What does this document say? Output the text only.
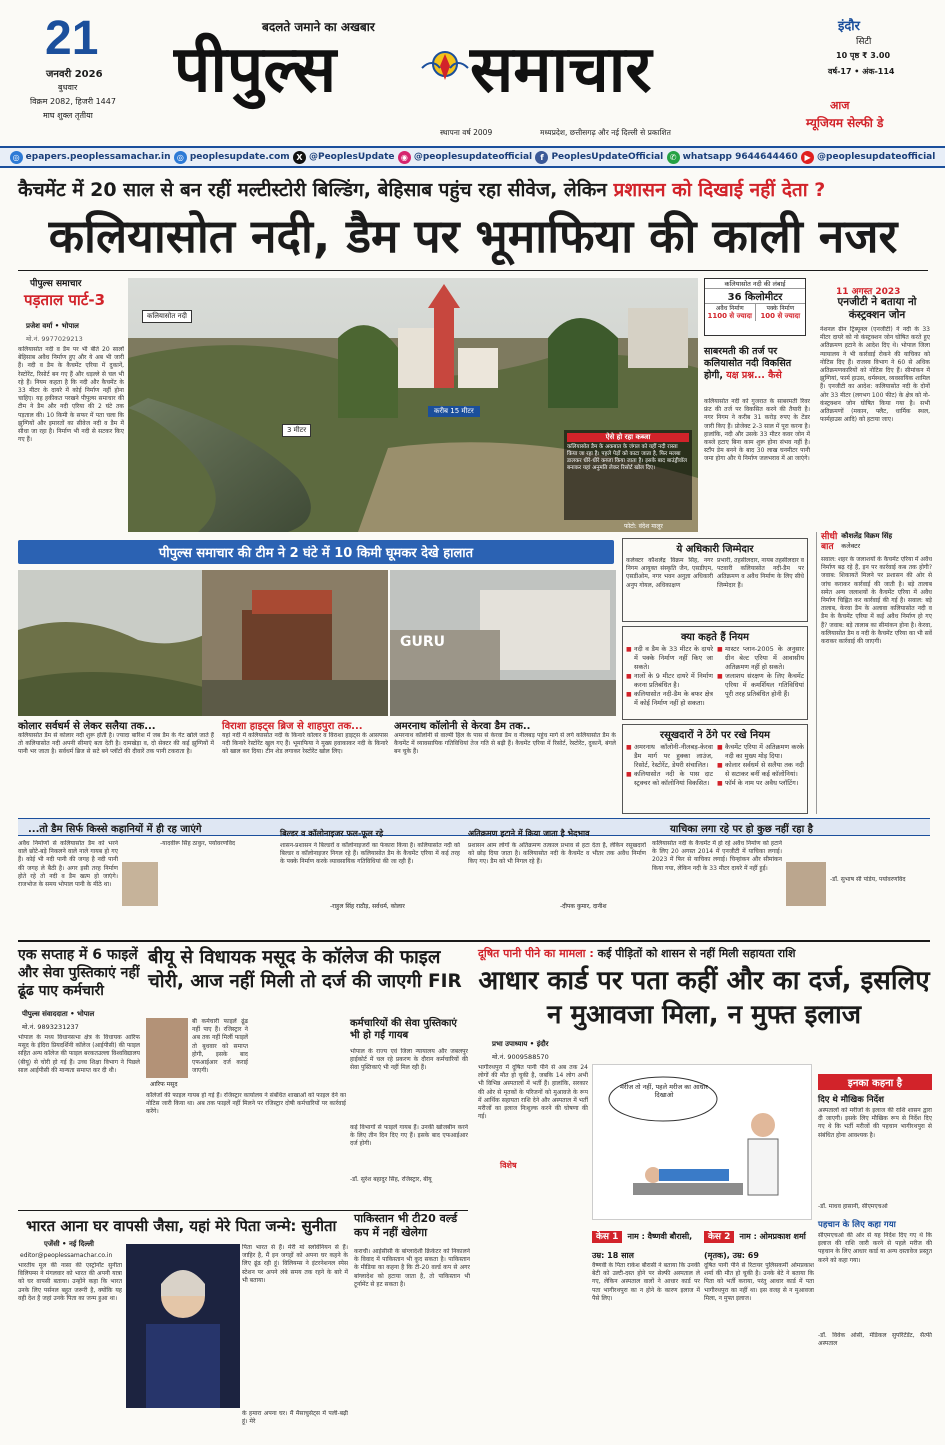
21
जनवरी 2026
बुधवार
विक्रम 2082, हिजरी 1447
माघ शुक्ल तृतीया
बदलते जमाने का अखबार
पीपुल्स समाचार
स्थापना वर्ष 2009	मध्यप्रदेश, छत्तीसगढ़ और नई दिल्ली से प्रकाशित
इंदौर
सिटी
10 पृष्ठ ₹ 3.00
वर्ष-17 • अंक-114
आज
म्यूजियम सेल्फी डे
◎ epapers.peoplessamachar.in ◎ peoplesupdate.com X @PeoplesUpdate ◉ @peoplesupdateofficial	f PeoplesUpdateOfficial ✆ whatsapp 9644644460 ▶ @peoplesupdateofficial
कैचमेंट में 20 साल से बन रहीं मल्टीस्टोरी बिल्डिंग, बेहिसाब पहुंच रहा सीवेज, लेकिन प्रशासन को दिखाई नहीं देता ?
कलियासोत नदी, डैम पर भूमाफिया की काली नजर
पीपुल्स समाचार
पड़ताल पार्ट-3
प्रजेश वर्मा • भोपाल
मो.नं. 9977029213
कलियासोत नदी व डैम पर भी बीते 20 सालों बेहिसाब अवैध निर्माण हुए और ये अब भी जारी हैं। नदी व डैम के कैचमेंट एरिया में दुकानें, रेस्टोरेंट, रिसोर्ट बन गए हैं और धड़ल्ले से चल भी रहे हैं। नियम कहता है कि नदी और कैचमेंट के 33 मीटर के दायरे में कोई निर्माण नहीं होना चाहिए। यह हकीकत परखने पीपुल्स समाचार की टीम ने डैम और नदी एरिया की 2 घंटे तक पड़ताल की। 10 किमी के सफर में पता चला कि झुग्गियों और इमारतों का सीवेज नदी व डैम में सीधा जा रहा है। निर्माण भी नदी से सटकर किए गए हैं।
कलियासोत नदी
करीब 15 मीटर
3 मीटर
ऐसे हो रहा कब्जा
कलियासोत डैम के अकबात के जंगल को यहीं नदी रास्ता किया जा रहा है। पहले पेड़ों को काटा जाता है, फिर मलबा डालकर धीरे-धीरे कब्जा किया जाता है। इसके बाद बाउंड्रीवॉल बनाकर यहां अनुमति लेकर रिसोर्ट खोल दिए।
फोटो: वंदेश मालूर
कलियासोत नदी की लंबाई
36 किलोमीटर
अवैध निर्माण
1100 से ज्यादा
पक्के निर्माण
100 से ज्यादा
साबरमती की तर्ज पर कलियासोत नदी विकसित होगी, यक्ष प्रश्न... कैसे
कलियासोत नदी को गुजरात के साबरमती रिवर फ्रंट की तर्ज पर विकसित करने की तैयारी है। नगर निगम ने करीब 31 करोड़ रुपए के टेंडर जारी किए हैं। प्रोजेक्ट 2-3 साल में पूरा करना है। हालांकि, नदी और उसके 33 मीटर कवर जोन में कब्जे हटाए बिना काम शुरू होना संभव नहीं है। स्टॉप डेम बनने के बाद 30 लाख घनमीटर पानी जमा होगा और ये निर्माण जलभराव में आ जाएंगे।
11 अगस्त 2023
एनजीटी ने बताया नो कंस्ट्रक्शन जोन
नेशनल ग्रीन ट्रिब्यूनल (एनजीटी) ने नदी के 33 मीटर दायरे को नो कंस्ट्रक्शन जोन घोषित करते हुए अतिक्रमण हटाने के आदेश दिए थे। भोपाल जिला न्यायालय ने भी कार्रवाई रोकने की याचिका को नोटिस दिए हैं। राजस्व विभाग ने 60 से अधिक अतिक्रमणकारियों को नोटिस दिए हैं। सीमांकन में झुग्गियां, फार्म हाउस, धर्मस्थल, व्यवसायिक शामिल हैं। एनजीटी का आदेश: कलियासोत नदी के दोनों ओर 33 मीटर (लगभग 100 फीट) के क्षेत्र को नो-कंस्ट्रक्शन जोन घोषित किया गया है। सभी अतिक्रमणों (मकान, फ्लैट, धार्मिक स्थल, फार्महाउस आदि) को हटाया जाए।
पीपुल्स समाचार की टीम ने 2 घंटे में 10 किमी घूमकर देखे हालात
GURU
कोलार सर्वधर्म से लेकर सलैया तक...
कलियासोत डैम से कोलार नदी शुरू होती है। ज्यादा बारिश में जब डैम के गेट खोले जाते हैं तो कलियासोत नदी अपनी सीमाएं बता देती है। दामखेड़ा व, दो सेक्टर की कई झुग्गियों में पानी भर जाता है। सर्वधर्म ब्रिज से सटे बने प्लॉटों की दीवारें तक पानी टकराता है।
विराशा हाइट्स ब्रिज से शाहपुरा तक...
यहां नदी में कलियासोत नदी के किनारे कोलार व विराशा हाइट्स के आसपास नदी किनारे रेस्टोरेंट खुल गए हैं। भूमाफिया ने मुख्य हवाकाकर नदी के किनारे को खाल कर दिया। टीन शेड लगाकर रेस्टोरेंट खोल लिए।
अमरनाथ कॉलोनी से केरवा डैम तक..
अमरनाथ कॉलोनी से वाल्मी हिल के पास से केरवा डैम व नीलबड़ पहुंच मार्ग से लगे कलियासोत डैम के कैचमेंट में व्यावसायिक गतिविधियां तेज गति से बढ़ी हैं। कैचमेंट एरिया में रिसोर्ट, रेस्टोरेंट, दुकानें, बंगले बन चुके हैं।
ये अधिकारी जिम्मेदार
कलेक्टर कौशलेंद्र विक्रम सिंह, नगर निगम आयुक्त संस्कृति जैन, एसडीएम, एसडीओम, नगर भवन अनुज्ञा अधिकारी अनुप गोयल, अधिकाक्षण
प्रभारी, तहसीलदार, नायब तहसीलदार व पटवारी कलियासोत नदी-डैम पर अतिक्रमण व अवैध निर्माण के लिए सीधे जिम्मेदार हैं।
क्या कहते हैं नियम
■ नदी व डैम के 33 मीटर के दायरे में पक्के निर्माण नहीं किए जा सकते।
■ नालों के 9 मीटर दायरे में निर्माण करना प्रतिबंधित है।
■ कलियासोत नदी-डैम के बफर क्षेत्र में कोई निर्माण नहीं हो सकता।
■ मास्टर प्लान-2005 के अनुसार ग्रीन बेल्ट एरिया में आवासीय अतिक्रमण नहीं हो सकते।
■ जलाशय संरक्षण के लिए कैचमेंट एरिया में कमर्शियल गतिविधियां पूरी तरह प्रतिबंधित होनी हैं।
रसूखदारों ने ठेंगे पर रखे नियम
■ अमरनाथ कॉलोनी-नीलबड़-केरवा डैम मार्ग पर हुक्का लाउंज, रिसोर्ट, रेस्टोरेंट, डेयरी संचालित।
■ कलियासोत नदी के पास दाट स्ट्रक्चर को कॉलोनियां विकसित।
■ कैचमेंट एरिया में अतिक्रमण करके नदी का मुख्य मोड़ दिया।
■ कोलार सर्वधर्म से सलैया तक नदी से सटाकर बनीं कई कॉलोनियां।
■ फॉर्म के नाम पर अवैध प्लॉटिंग।
सीधी
बात
कौशलेंद्र विक्रम सिंह
कलेक्टर
सवाल: शहर के जलाशयों के कैचमेंट एरिया में अवैध निर्माण बढ़ रहे हैं, इन पर कार्रवाई कब तक होगी? जवाब: शिकायतें मिलने पर प्रशासन की ओर से जांच कराकर कार्रवाई की जाती है। बड़े तालाब समेत अन्य जलाशयों के कैचमेंट एरिया में अवैध निर्माण चिह्नित कर कार्रवाई की गई है। सवाल: बड़े तालाब, केरवा डैम के अलावा कलियासोत नदी व डैम के कैचमेंट एरिया में कई अवैध निर्माण हो गए हैं? जवाब: बड़े तालाब का सीमांकन होना है। केरवा, कलियासोत डैम व नदी के कैचमेंट एरिया का भी सर्वे कराकर कार्रवाई की जाएगी।
...तो डैम सिर्फ किस्से कहानियों में ही रह जाएंगे	याचिका लगा रहे पर हो कुछ नहीं रहा है
अवैध निर्माणों से कलियासोत डैम को भरने वाले छोटे-बड़े निकलने वाले नाले गायब हो गए हैं। कोई भी नदी पानी की जगह है नदी पानी की जगह ले बैठी है। अगर इसी तरह निर्माण होते रहे तो नदी व डैम खत्म हो जाएंगे। राजभोज के समय भोपाल पानी के मीठे था।
-यादवीरू सिंह ठाकुर, पर्यावरणविद
बिल्डर व कॉलोनाइजर फल-फूल रहे
शासन-प्रशासन ने बिल्डरों व कॉलोनाइजरों का फेकारा किया है। कलियासोत नदी को बिल्डर व कॉलोनाइजर निगल रहे हैं। कलियासोत डैम के कैचमेंट एरिया में कई तरह के पक्के निर्माण करके व्यावसायिक गतिविधियां की जा रही हैं।
-राहुल सिंह राठौड़, सर्वधर्म, कोलार
अतिक्रमण हटाने में किया जाता है भेदभाव
प्रशासन आम लोगों के अतिक्रमण तत्काल प्रभाव से हटा देता है, लेकिन रसूखदारों को छोड़ दिया जाता है। कलियासोत नदी के कैचमेंट व भीतर तक अवैध निर्माण किए गए। डैम को भी निगल रहे हैं।
-दीपक कुमार, दानीश
कलियासोत नदी के कैचमेंट में हो रहे अवैध निर्माण को हटाने के लिए 20 अगस्त 2014 में एनजीटी में याचिका लगाई। 2023 में फिर से याचिका लगाई। चिन्हांकन और सीमांकन किया गया, लेकिन नदी के 33 मीटर दायरे में नहीं हुई।
-डॉ. सुभाष सी पांडेय, पर्यावरणविद
एक सप्ताह में 6 फाइलें और सेवा पुस्तिकाएं नहीं ढूंढ पाए कर्मचारी
बीयू से विधायक मसूद के कॉलेज की फाइल चोरी, आज नहीं मिली तो दर्ज की जाएगी FIR
पीपुल्स संवाददाता • भोपाल
मो.नं. 9893231237
भोपाल के मध्य विधानसभा क्षेत्र के विधायक आरिफ मसूद के इंदिरा प्रियदर्शिनी कॉलेज (आईपीसी) की फाइल सहित अन्य कॉलेज की फाइल बरकतउल्ला विश्वविद्यालय (बीयू) से चोरी हो गई हैं। उच्च शिक्षा विभाग ने पिछले साल आईपीसी की मान्यता समाप्त कर दी थी।
आरिफ मसूद
बी कर्मचारी फाइलें ढूंढ नहीं पाए हैं। रजिस्ट्रार ने अब तक नहीं मिलीं फाइलें तो बुधवार को समाप्त होगी, इसके बाद एफआईआर दर्ज कराई जाएगी।
कॉलेजों की फाइल गायब हो गई हैं। रजिस्ट्रार कार्यालय ने संबंधित शाखाओं को फाइल देने का नोटिस जारी किया था। अब तक फाइलें नहीं मिलने पर रजिस्ट्रार दोषी कर्मचारियों पर कार्रवाई करेंगे।
कर्मचारियों की सेवा पुस्तिकाएं भी हो गईं गायब
भोपाल के राज्य एवं जिला न्यायालय और जबलपुर हाईकोर्ट में चल रहे प्रकरण के दौरान कर्मचारियों की सेवा पुस्तिकाएं भी नहीं मिल रही हैं।
कई विभागों से फाइलें गायब हैं। उनकी खोजबीन करने के लिए तीन दिन दिए गए हैं। इसके बाद एफआईआर दर्ज होगी।
-डॉ. सुरेश बहादुर सिंह, रजिस्ट्रार, बीयू
भारत आना घर वापसी जैसा, यहां मेरे पिता जन्मे: सुनीता
एजेंसी • नई दिल्ली
editor@peoplessamachar.co.in
भारतीय मूल की नासा की एस्ट्रोनॉट सुनीता विलियम्स ने मंगलवार को भारत की अपनी यात्रा को घर वापसी बताया। उन्होंने कहा कि भारत उनके लिए पर्सनल बहुत जरूरी है, क्योंकि यह वही देश है जहां उनके पिता का जन्म हुआ था।
के हमारा अपना घर। मैं मैसाचुसेट्स में पली-बढ़ी हूं। मेरे
पिता भारत से हैं। मेरी मां स्लोवेनियन से हैं। जाहिर है, मैं इन जगहों को अपना घर कहने के लिए ढूंढ रही हूं। विलियम्स ने इंटरनेशनल स्पेस स्टेशन पर अपने लंबे समय तक रहने के बारे में भी बताया।
पाकिस्तान भी टी20 वर्ल्ड कप में नहीं खेलेगा
कराची। आईसीसी के बांग्लादेशी क्रिकेटर को निकालने के विवाद में पाकिस्तान भी कूद सकता है। पाकिस्तान के मीडिया का कहना है कि टी-20 वर्ल्ड कप से अगर बांग्लादेश को हटाया जाता है, तो पाकिस्तान भी टूर्नामेंट से हट सकता है।
दूषित पानी पीने का मामला : कई पीड़ितों को शासन से नहीं मिली सहायता राशि
आधार कार्ड पर पता कहीं और का दर्ज, इसलिए न मुआवजा मिला, न मुफ्त इलाज
प्रभा उपाध्याय • इंदौर
मो.नं. 9009588570
भागीरथपुरा में दूषित पानी पीने से अब तक 24 लोगों की मौत हो चुकी है, जबकि 14 लोग अभी भी विभिन्न अस्पतालों में भर्ती हैं। हालांकि, सरकार की ओर से मृतकों के परिजनों को मुआवजे के रूप में आर्थिक सहायता राशि देने और अस्पताल में भर्ती मरीजों का इलाज निःशुल्क करने की घोषणा की गई।
विशेष
मरीज तो नहीं, पहले मरीज का आधार दिखाओ
केस 1 नाम : वैष्णवी बौरासी, उम्र: 18 साल
वैष्णवी के पिता राकेश बौरासी ने बताया कि उनकी बेटी को उल्टी-दस्त होने पर सेल्फी अस्पताल ले गए, लेकिन अस्पताल वालों ने आधार कार्ड पर पता भागीरथपुरा का न होने के कारण इलाज में पैसे लिए।
केस 2 नाम : ओमप्रकाश शर्मा (मृतक), उम्र: 69
दूषित पानी पीने से रिटायर पुलिसकर्मी ओमप्रकाश शर्मा की मौत हो चुकी है। उनके बेटे ने बताया कि पिता को भर्ती कराया, परंतु आधार कार्ड में पता भागीरथपुरा का नहीं था। इस वजह से न मुआवजा मिला, न मुफ्त इलाज।
इनका कहना है
दिए थे मौखिक निर्देश
अस्पतालों को मरीजों के इलाज की राशि शासन द्वारा दी जाएगी। इसके लिए मौखिक रूप से निर्देश दिए गए थे कि भर्ती मरीजों की पहचान भागीरथपुरा से संबंधित होना आवश्यक है।
-डॉ. माधव हासानी, सीएमएचओ
पहचान के लिए कहा गया
सीएमएचओ की ओर से यह निर्देश दिए गए थे कि इलाज की राशि जारी करने से पहले मरीज की पहचान के लिए आधार कार्ड या अन्य दस्तावेज प्रस्तुत करने को कहा गया।
-डॉ. विवेक ओसी, मेडिकल सुपरिंटेंडेंट, सैत्फी अस्पताल
